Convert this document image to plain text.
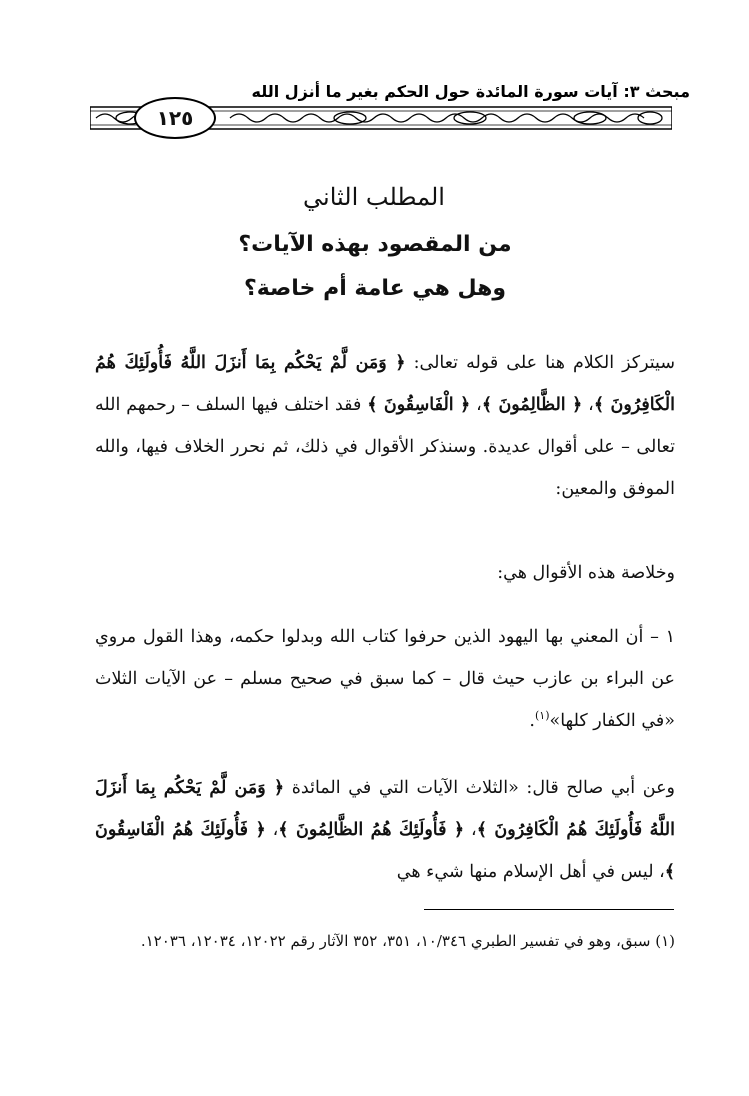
مبحث ٣: آيات سورة المائدة حول الحكم بغير ما أنزل الله
١٢٥
المطلب الثاني
من المقصود بهذه الآيات؟
وهل هي عامة أم خاصة؟
سيتركز الكلام هنا على قوله تعالى: ﴿ وَمَن لَّمْ يَحْكُم بِمَا أَنزَلَ اللَّهُ فَأُولَئِكَ هُمُ الْكَافِرُونَ ﴾، ﴿ الظَّالِمُونَ ﴾، ﴿ الْفَاسِقُونَ ﴾ فقد اختلف فيها السلف – رحمهم الله تعالى – على أقوال عديدة. وسنذكر الأقوال في ذلك، ثم نحرر الخلاف فيها، والله الموفق والمعين:
وخلاصة هذه الأقوال هي:
١ – أن المعني بها اليهود الذين حرفوا كتاب الله وبدلوا حكمه، وهذا القول مروي عن البراء بن عازب حيث قال – كما سبق في صحيح مسلم – عن الآيات الثلاث «في الكفار كلها»$^{(١)}$.
وعن أبي صالح قال: «الثلاث الآيات التي في المائدة ﴿ وَمَن لَّمْ يَحْكُم بِمَا أَنزَلَ اللَّهُ فَأُولَئِكَ هُمُ الْكَافِرُونَ ﴾، ﴿ فَأُولَئِكَ هُمُ الظَّالِمُونَ ﴾، ﴿ فَأُولَئِكَ هُمُ الْفَاسِقُونَ ﴾، ليس في أهل الإسلام منها شيء هي
(١) سبق، وهو في تفسير الطبري ١٠/٣٤٦، ٣٥١، ٣٥٢ الآثار رقم ١٢٠٢٢، ١٢٠٣٤، ١٢٠٣٦.
